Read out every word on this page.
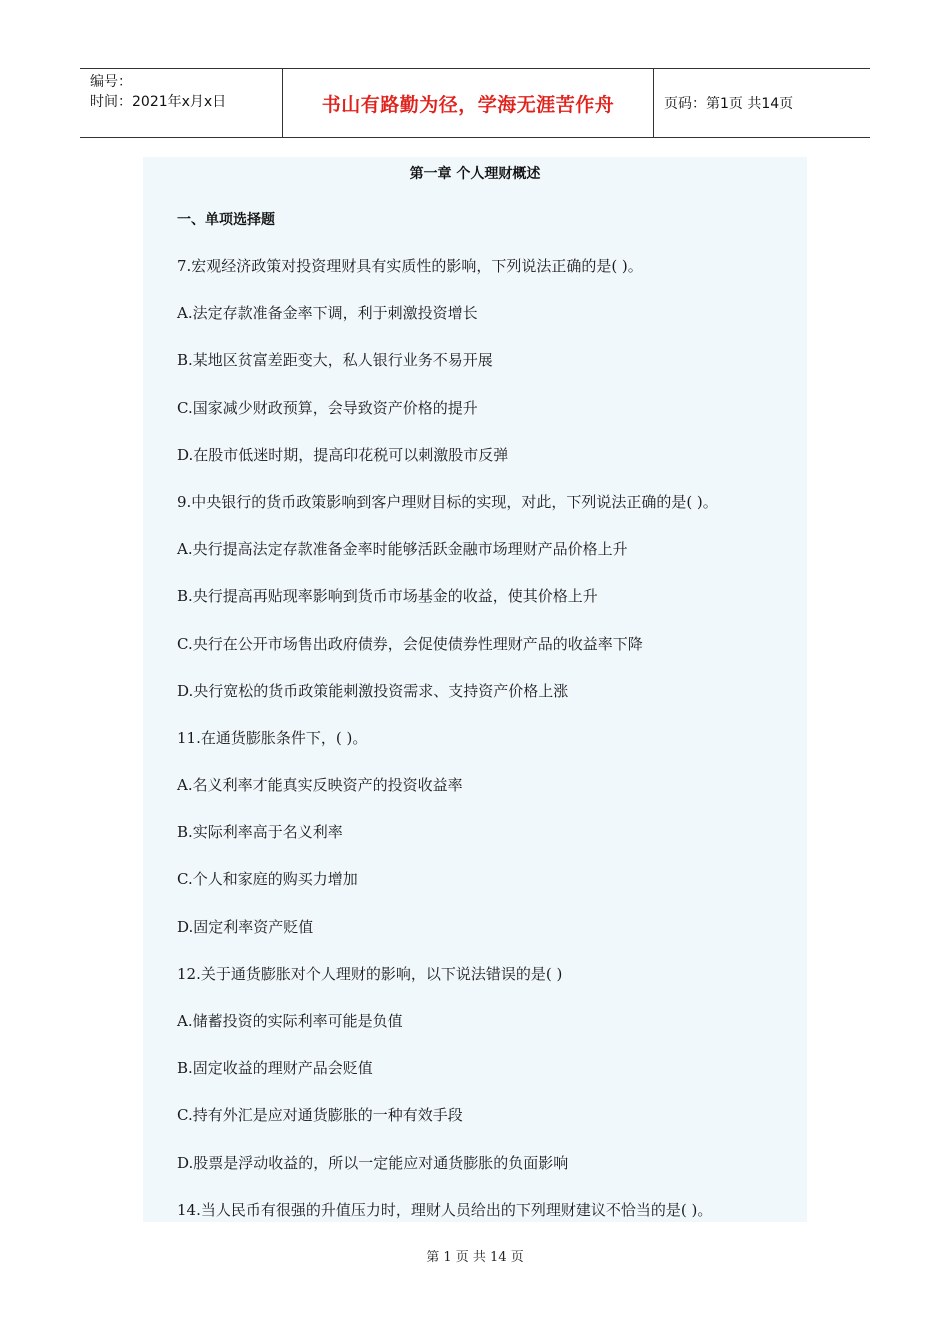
编号：
时间：2021年x月x日	书山有路勤为径，学海无涯苦作舟	页码：第1页 共14页
第一章 个人理财概述
一、单项选择题
7.宏观经济政策对投资理财具有实质性的影响，下列说法正确的是( )。
A.法定存款准备金率下调，利于刺激投资增长
B.某地区贫富差距变大，私人银行业务不易开展
C.国家减少财政预算，会导致资产价格的提升
D.在股市低迷时期，提高印花税可以刺激股市反弹
9.中央银行的货币政策影响到客户理财目标的实现，对此，下列说法正确的是( )。
A.央行提高法定存款准备金率时能够活跃金融市场理财产品价格上升
B.央行提高再贴现率影响到货币市场基金的收益，使其价格上升
C.央行在公开市场售出政府债券，会促使债券性理财产品的收益率下降
D.央行宽松的货币政策能刺激投资需求、支持资产价格上涨
11.在通货膨胀条件下，( )。
A.名义利率才能真实反映资产的投资收益率
B.实际利率高于名义利率
C.个人和家庭的购买力增加
D.固定利率资产贬值
12.关于通货膨胀对个人理财的影响，以下说法错误的是( )
A.储蓄投资的实际利率可能是负值
B.固定收益的理财产品会贬值
C.持有外汇是应对通货膨胀的一种有效手段
D.股票是浮动收益的，所以一定能应对通货膨胀的负面影响
14.当人民币有很强的升值压力时，理财人员给出的下列理财建议不恰当的是( )。
第 1 页 共 14 页
